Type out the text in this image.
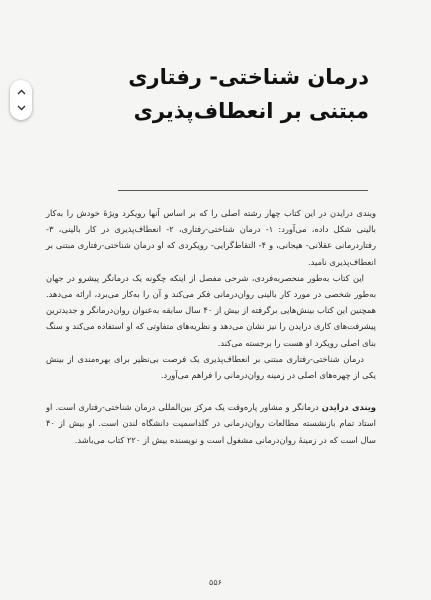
درمان شناختی- رفتاری
مبتنی بر انعطاف‌پذیری

ویندی درایدن در این کتاب چهار رشته اصلی را که بر اساس آنها رویکرد ویژهٔ خودش را به‌کار بالینی شکل داده، می‌آورد: ۱- درمان شناختی-رفتاری، ۲- انعطاف‌پذیری در کار بالینی، ۳- رفتاردرمانی عقلانی- هیجانی، و ۴- التقاط‌گرایی- رویکردی که او درمان شناختی-رفتاری مبتنی بر انعطاف‌پذیری نامید.

این کتاب به‌طور منحصربه‌فردی، شرحی مفصل از اینکه چگونه یک درمانگر پیشرو در جهان به‌طور شخصی در مورد کار بالینی روان‌درمانی فکر می‌کند و آن را به‌کار می‌برد، ارائه می‌دهد. همچنین این کتاب بینش‌هایی برگرفته از بیش از ۴۰ سال سابقه به‌عنوان روان‌درمانگر و جدیدترین پیشرفت‌های کاری درایدن را نیز نشان می‌دهد و نظریه‌های متفاوتی که او استفاده می‌کند و سنگ بنای اصلی رویکرد او هست را برجسته می‌کند.

درمان شناختی-رفتاری مبتنی بر انعطاف‌پذیری یک فرصت بی‌نظیر برای بهره‌مندی از بینش یکی از چهره‌های اصلی در زمینه روان‌درمانی را فراهم می‌آورد.

ویندی درایدن درمانگر و مشاور پاره‌وقت یک مرکز بین‌المللی درمان شناختی-رفتاری است. او استاد تمام بازنشسته مطالعات روان‌درمانی در گلداسمیت دانشگاه لندن است. او بیش از ۴۰ سال است که در زمینهٔ روان‌درمانی مشغول است و نویسنده بیش از ۲۲۰ کتاب می‌باشد.

۵۵۶
